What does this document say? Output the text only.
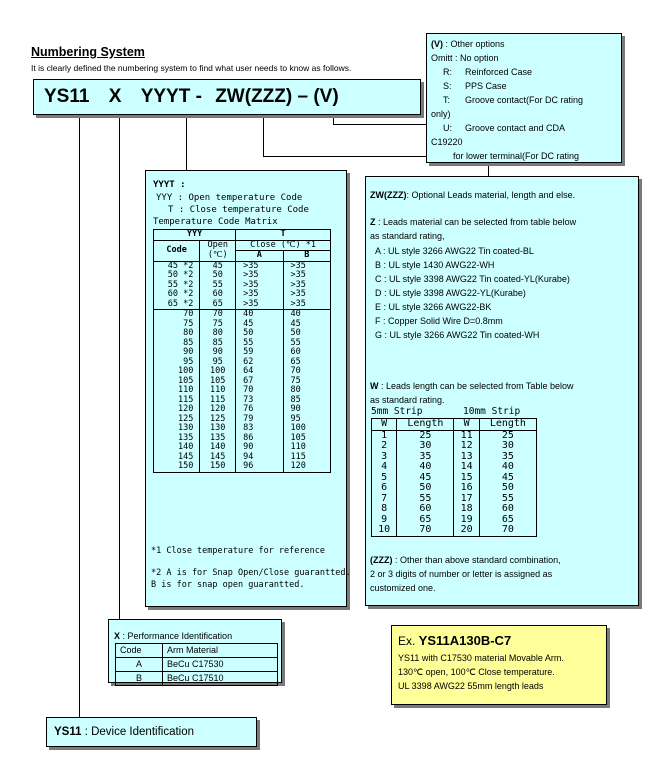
Numbering System
It is clearly defined the numbering system to find what user needs to know as follows.
YS11 X YYYT - ZW(ZZZ) – (V)
(V) : Other options
Omitt : No option
R: Reinforced Case
S: PPS Case
T: Groove contact(For DC rating
only)
U: Groove contact and CDA
C19220
for lower terminal(For DC rating
YYYT :
YYY : Open temperature Code
T : Close temperature Code
Temperature Code Matrix
YYY		T	
Code	Open	Close (℃) *1	
	(℃)	A	B
45 *2	45	>35	>35
50 *2	50	>35	>35
55 *2	55	>35	>35
60 *2	60	>35	>35
65 *2	65	>35	>35
70	70	40	40
75	75	45	45
80	80	50	50
85	85	55	55
90	90	59	60
95	95	62	65
100	100	64	70
105	105	67	75
110	110	70	80
115	115	73	85
120	120	76	90
125	125	79	95
130	130	83	100
135	135	86	105
140	140	90	110
145	145	94	115
150	150	96	120
*1 Close temperature for reference
*2 A is for Snap Open/Close guarantted.
B is for snap open guarantted.
ZW(ZZZ): Optional Leads material, length and else.
Z : Leads material can be selected from table below
as standard rating,
A : UL style 3266 AWG22 Tin coated-BL
B : UL style 1430 AWG22-WH
C : UL style 3398 AWG22 Tin coated-YL(Kurabe)
D : UL style 3398 AWG22-YL(Kurabe)
E : UL style 3266 AWG22-BK
F : Copper Solid Wire D=0.8mm
G : UL style 3266 AWG22 Tin coated-WH
W : Leads length can be selected from Table below
as standard rating.
5mm Strip	10mm Strip
W	Length	W	Length
1	25	11	25
2	30	12	30
3	35	13	35
4	40	14	40
5	45	15	45
6	50	16	50
7	55	17	55
8	60	18	60
9	65	19	65
10	70	20	70
(ZZZ) : Other than above standard combination,
2 or 3 digits of number or letter is assigned as
customized one.
X : Performance Identification
Code	Arm Material
A	BeCu C17530
B	BeCu C17510
YS11 : Device Identification
Ex. YS11A130B-C7
YS11 with C17530 material Movable Arm.
130℃ open, 100℃ Close temperature.
UL 3398 AWG22 55mm length leads
